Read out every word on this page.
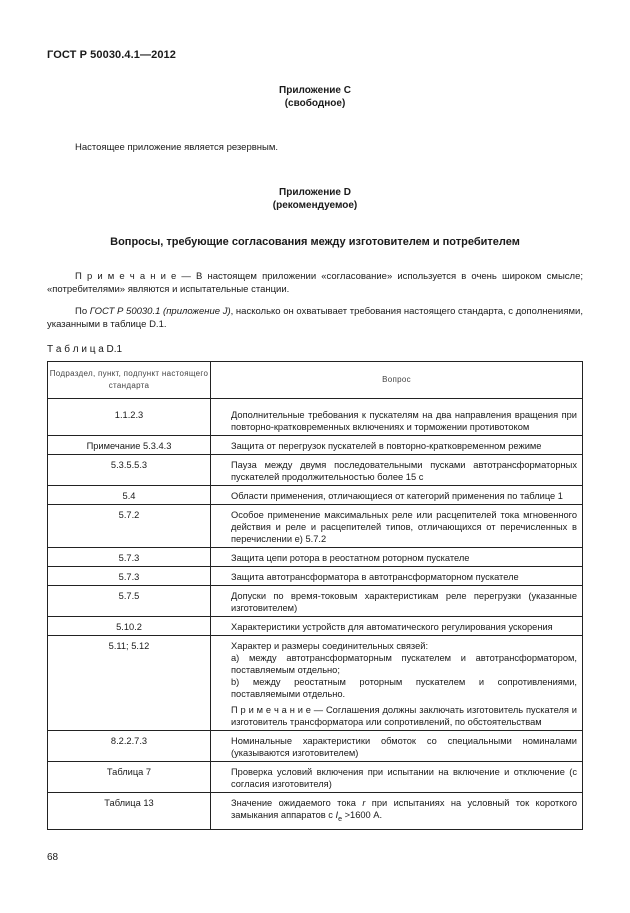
ГОСТ Р 50030.4.1—2012
Приложение С
(свободное)
Настоящее приложение является резервным.
Приложение D
(рекомендуемое)
Вопросы, требующие согласования между изготовителем и потребителем
П р и м е ч а н и е — В настоящем приложении «согласование» используется в очень широком смысле; «потребителями» являются и испытательные станции.
По ГОСТ Р 50030.1 (приложение J), насколько он охватывает требования настоящего стандарта, с дополнениями, указанными в таблице D.1.
Т а б л и ц а D.1
Подраздел, пункт, подпункт настоящего стандарта	Вопрос
1.1.2.3	Дополнительные требования к пускателям на два направления вращения при повторно-кратковременных включениях и торможении противотоком
Примечание 5.3.4.3	Защита от перегрузок пускателей в повторно-кратковременном режиме
5.3.5.5.3	Пауза между двумя последовательными пусками автотрансформаторных пускателей продолжительностью более 15 с
5.4	Области применения, отличающиеся от категорий применения по таблице 1
5.7.2	Особое применение максимальных реле или расцепителей тока мгновенного действия и реле и расцепителей типов, отличающихся от перечисленных в перечислении е) 5.7.2
5.7.3	Защита цепи ротора в реостатном роторном пускателе
5.7.3	Защита автотрансформатора в автотрансформаторном пускателе
5.7.5	Допуски по время-токовым характеристикам реле перегрузки (указанные изготовителем)
5.10.2	Характеристики устройств для автоматического регулирования ускорения
5.11; 5.12	Характер и размеры соединительных связей:
а) между автотрансформаторным пускателем и автотрансформатором, поставляемым отдельно;
b) между реостатным роторным пускателем и сопротивлениями, поставляемыми отдельно.
П р и м е ч а н и е — Соглашения должны заключать изготовитель пускателя и изготовитель трансформатора или сопротивлений, по обстоятельствам

8.2.2.7.3	Номинальные характеристики обмоток со специальными номиналами (указываются изготовителем)
Таблица 7	Проверка условий включения при испытании на включение и отключение (с согласия изготовителя)
Таблица 13	Значение ожидаемого тока r при испытаниях на условный ток короткого замыкания аппаратов с $I_e >1600$ А.
68
